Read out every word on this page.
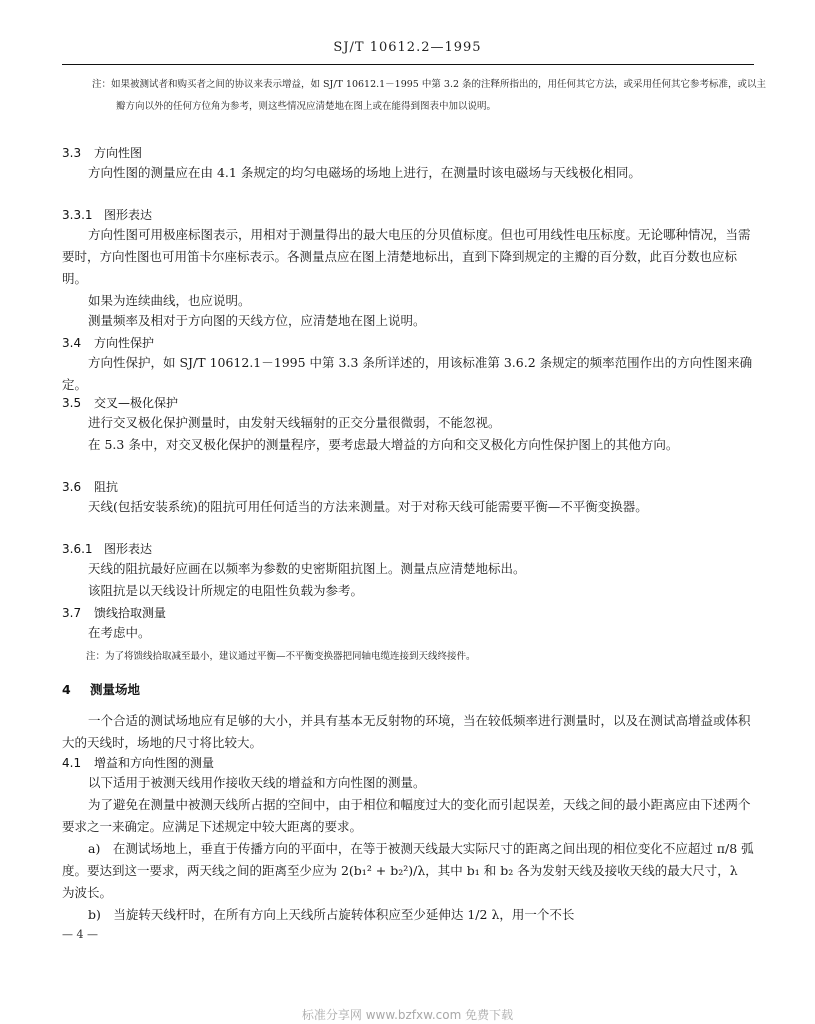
SJ/T 10612.2—1995
注：如果被测试者和购买者之间的协议来表示增益，如 SJ/T 10612.1－1995 中第 3.2 条的注释所指出的，用任何其它方法，或采用任何其它参考标准，或以主瓣方向以外的任何方位角为参考，则这些情况应清楚地在图上或在能得到图表中加以说明。
3.3 方向性图

方向性图的测量应在由 4.1 条规定的均匀电磁场的场地上进行，在测量时该电磁场与天线极化相同。

3.3.1 图形表达

方向性图可用极座标图表示，用相对于测量得出的最大电压的分贝值标度。但也可用线性电压标度。无论哪种情况，当需要时，方向性图也可用笛卡尔座标表示。各测量点应在图上清楚地标出，直到下降到规定的主瓣的百分数，此百分数也应标明。

如果为连续曲线，也应说明。

测量频率及相对于方向图的天线方位，应清楚地在图上说明。

3.4 方向性保护

方向性保护，如 SJ/T 10612.1－1995 中第 3.3 条所详述的，用该标准第 3.6.2 条规定的频率范围作出的方向性图来确定。

3.5 交叉—极化保护

进行交叉极化保护测量时，由发射天线辐射的正交分量很微弱，不能忽视。

在 5.3 条中，对交叉极化保护的测量程序，要考虑最大增益的方向和交叉极化方向性保护图上的其他方向。

3.6 阻抗

天线(包括安装系统)的阻抗可用任何适当的方法来测量。对于对称天线可能需要平衡—不平衡变换器。

3.6.1 图形表达

天线的阻抗最好应画在以频率为参数的史密斯阻抗图上。测量点应清楚地标出。

该阻抗是以天线设计所规定的电阻性负载为参考。

3.7 馈线拾取测量

在考虑中。

注：为了将馈线拾取减至最小，建议通过平衡—不平衡变换器把同轴电缆连接到天线终接件。
4 测量场地

一个合适的测试场地应有足够的大小，并具有基本无反射物的环境，当在较低频率进行测量时，以及在测试高增益或体积大的天线时，场地的尺寸将比较大。

4.1 增益和方向性图的测量

以下适用于被测天线用作接收天线的增益和方向性图的测量。

为了避免在测量中被测天线所占据的空间中，由于相位和幅度过大的变化而引起误差，天线之间的最小距离应由下述两个要求之一来确定。应满足下述规定中较大距离的要求。

a)　在测试场地上，垂直于传播方向的平面中，在等于被测天线最大实际尺寸的距离之间出现的相位变化不应超过 π/8 弧度。要达到这一要求，两天线之间的距离至少应为 2(b₁² + b₂²)/λ，其中 b₁ 和 b₂ 各为发射天线及接收天线的最大尺寸，λ 为波长。

b)　当旋转天线杆时，在所有方向上天线所占旋转体积应至少延伸达 1/2 λ，用一个不长

— 4 —
标准分享网 www.bzfxw.com 免费下载
